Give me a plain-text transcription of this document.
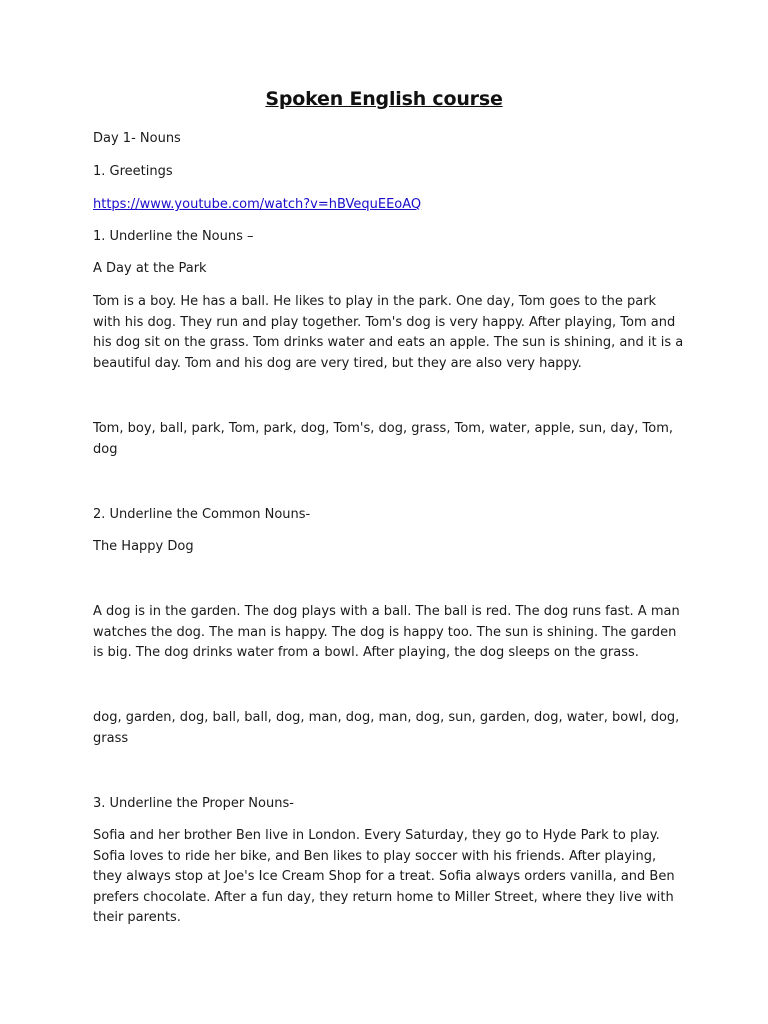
Spoken English course
Day 1- Nouns
1. Greetings
https://www.youtube.com/watch?v=hBVequEEoAQ
1. Underline the Nouns –
A Day at the Park
Tom is a boy. He has a ball. He likes to play in the park. One day, Tom goes to the park with his dog. They run and play together. Tom's dog is very happy. After playing, Tom and his dog sit on the grass. Tom drinks water and eats an apple. The sun is shining, and it is a beautiful day. Tom and his dog are very tired, but they are also very happy.
Tom, boy, ball, park, Tom, park, dog, Tom's, dog, grass, Tom, water, apple, sun, day, Tom, dog
2. Underline the Common Nouns-
The Happy Dog
A dog is in the garden. The dog plays with a ball. The ball is red. The dog runs fast. A man watches the dog. The man is happy. The dog is happy too. The sun is shining. The garden is big. The dog drinks water from a bowl. After playing, the dog sleeps on the grass.
dog, garden, dog, ball, ball, dog, man, dog, man, dog, sun, garden, dog, water, bowl, dog, grass
3. Underline the Proper Nouns-
Sofia and her brother Ben live in London. Every Saturday, they go to Hyde Park to play. Sofia loves to ride her bike, and Ben likes to play soccer with his friends. After playing, they always stop at Joe's Ice Cream Shop for a treat. Sofia always orders vanilla, and Ben prefers chocolate. After a fun day, they return home to Miller Street, where they live with their parents.
